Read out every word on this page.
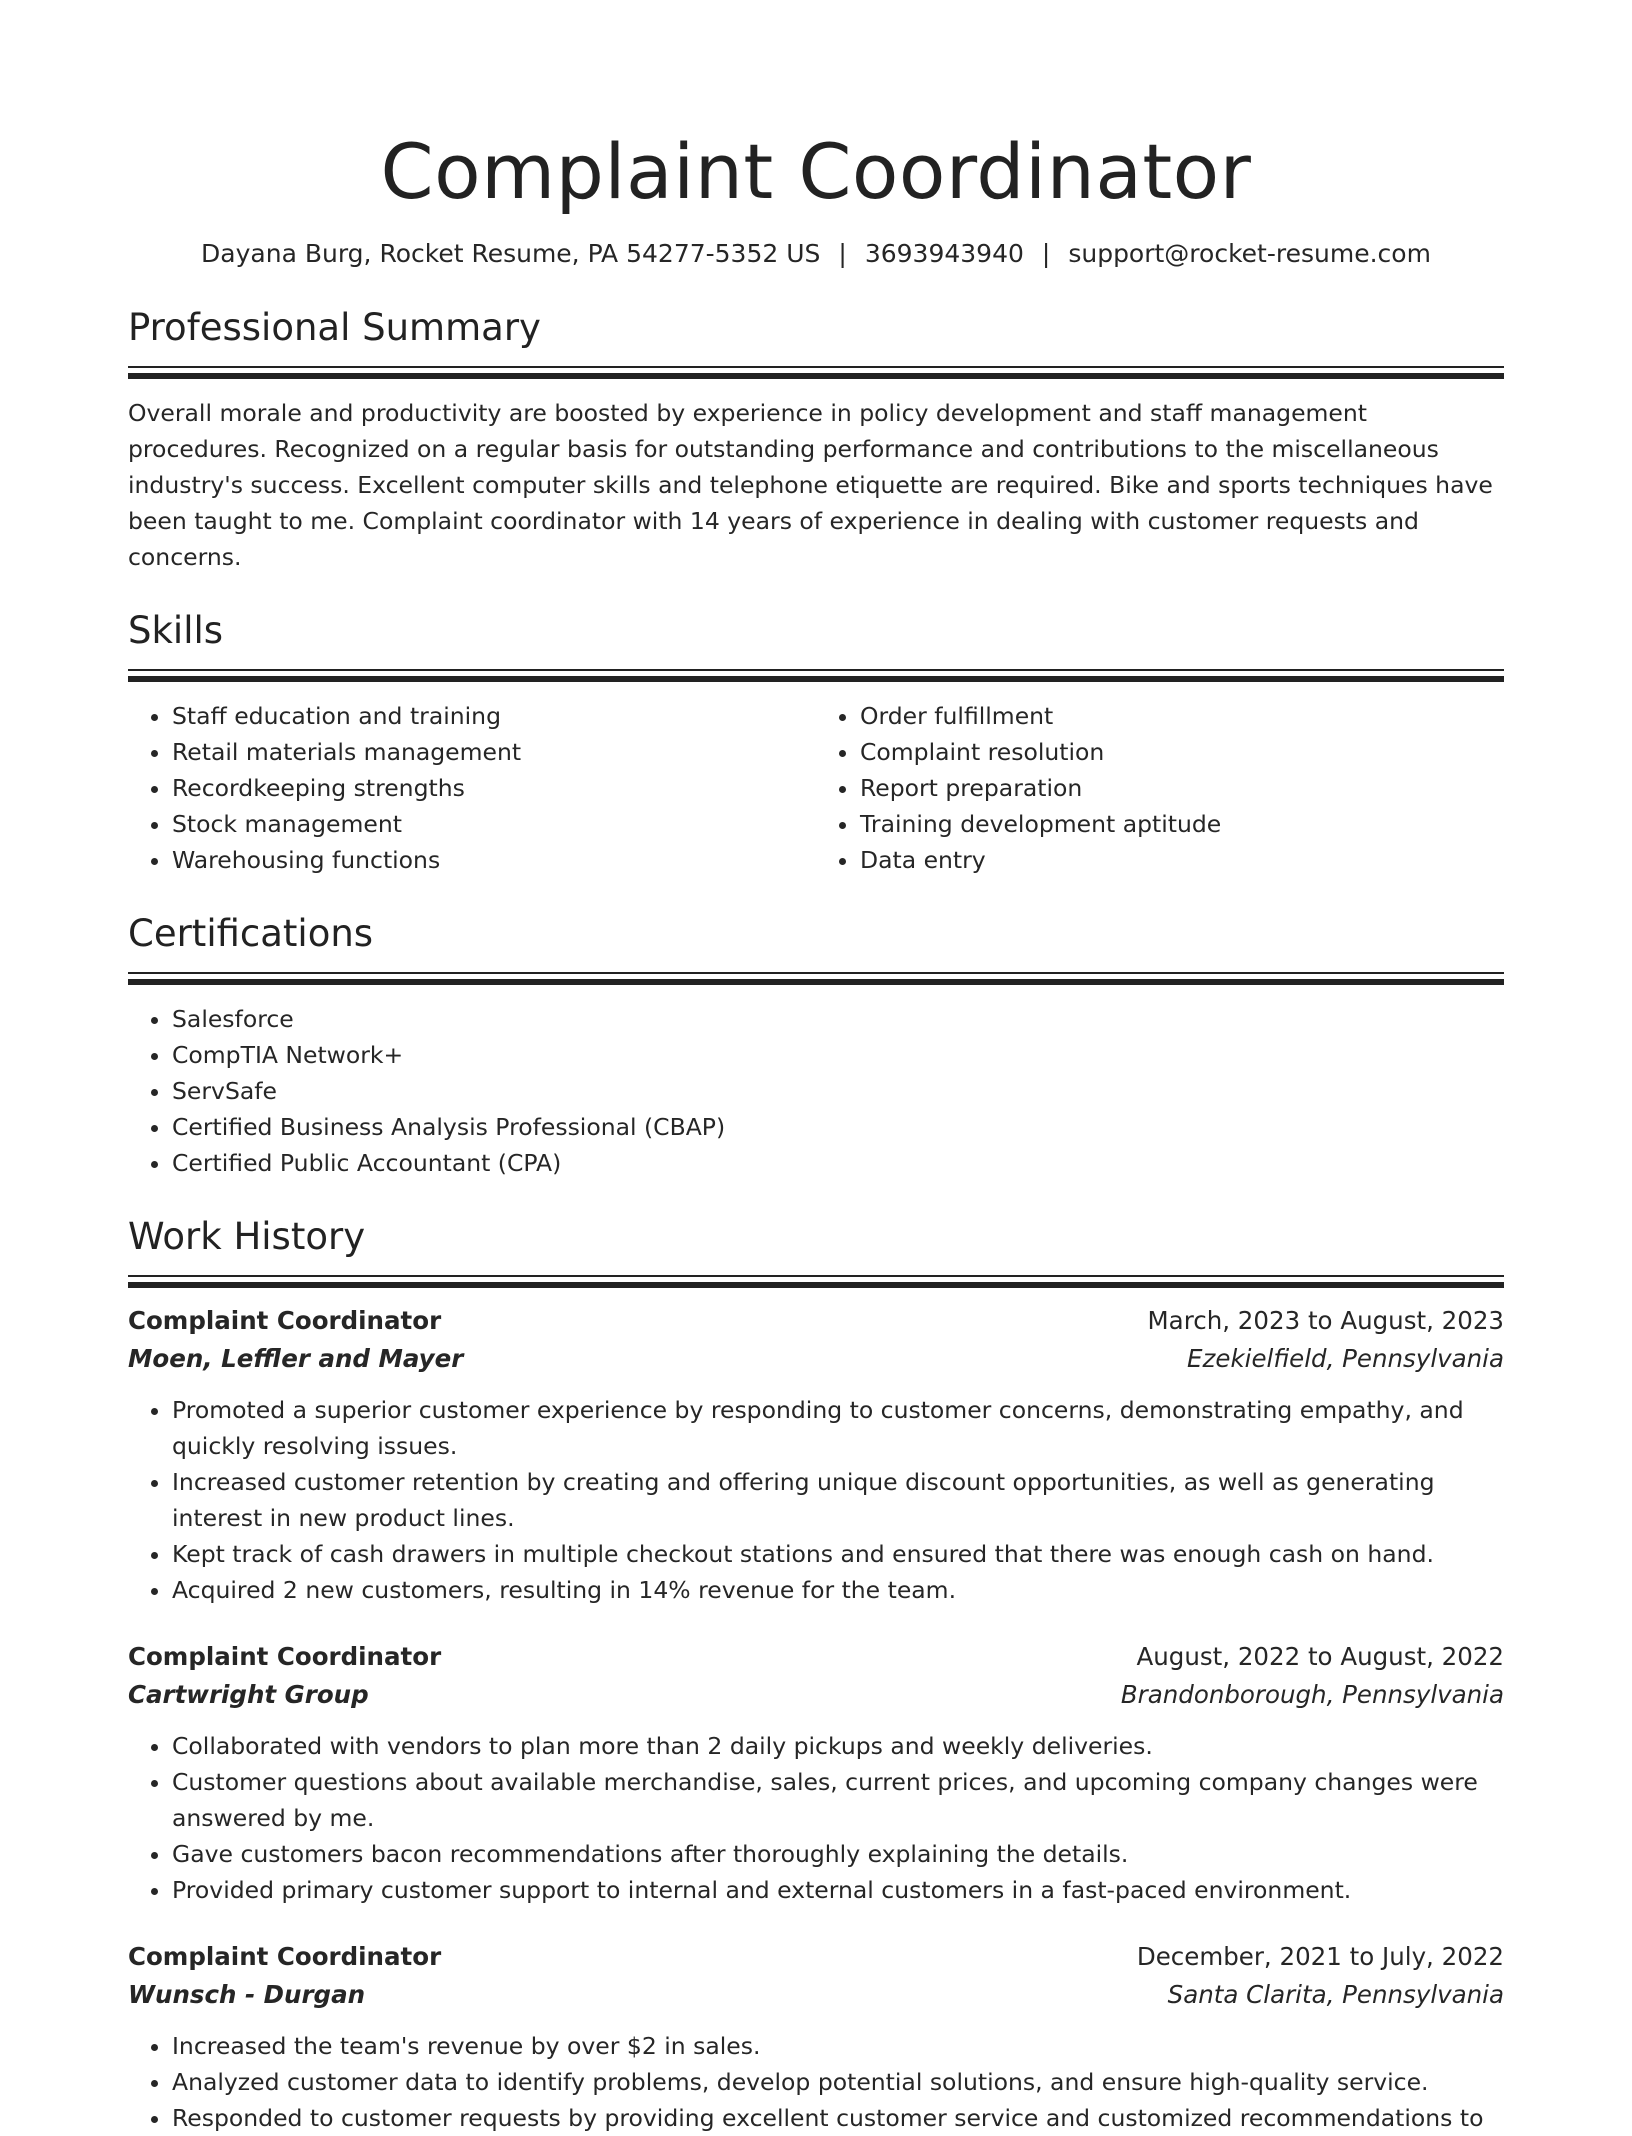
Complaint Coordinator
Dayana Burg, Rocket Resume, PA 54277-5352 US | 3693943940 | support@rocket-resume.com
Professional Summary
Overall morale and productivity are boosted by experience in policy development and staff management procedures. Recognized on a regular basis for outstanding performance and contributions to the miscellaneous industry's success. Excellent computer skills and telephone etiquette are required. Bike and sports techniques have been taught to me. Complaint coordinator with 14 years of experience in dealing with customer requests and concerns.
Skills
• Staff education and training
• Retail materials management
• Recordkeeping strengths
• Stock management
• Warehousing functions
• Order fulfillment
• Complaint resolution
• Report preparation
• Training development aptitude
• Data entry
Certifications
• Salesforce
• CompTIA Network+
• ServSafe
• Certified Business Analysis Professional (CBAP)
• Certified Public Accountant (CPA)
Work History
Complaint Coordinator	March, 2023 to August, 2023
Moen, Leffler and Mayer	Ezekielfield, Pennsylvania
• Promoted a superior customer experience by responding to customer concerns, demonstrating empathy, and quickly resolving issues.
• Increased customer retention by creating and offering unique discount opportunities, as well as generating interest in new product lines.
• Kept track of cash drawers in multiple checkout stations and ensured that there was enough cash on hand.
• Acquired 2 new customers, resulting in 14% revenue for the team.
Complaint Coordinator	August, 2022 to August, 2022
Cartwright Group	Brandonborough, Pennsylvania
• Collaborated with vendors to plan more than 2 daily pickups and weekly deliveries.
• Customer questions about available merchandise, sales, current prices, and upcoming company changes were answered by me.
• Gave customers bacon recommendations after thoroughly explaining the details.
• Provided primary customer support to internal and external customers in a fast-paced environment.
Complaint Coordinator	December, 2021 to July, 2022
Wunsch - Durgan	Santa Clarita, Pennsylvania
• Increased the team's revenue by over $2 in sales.
• Analyzed customer data to identify problems, develop potential solutions, and ensure high-quality service.
• Responded to customer requests by providing excellent customer service and customized recommendations to
